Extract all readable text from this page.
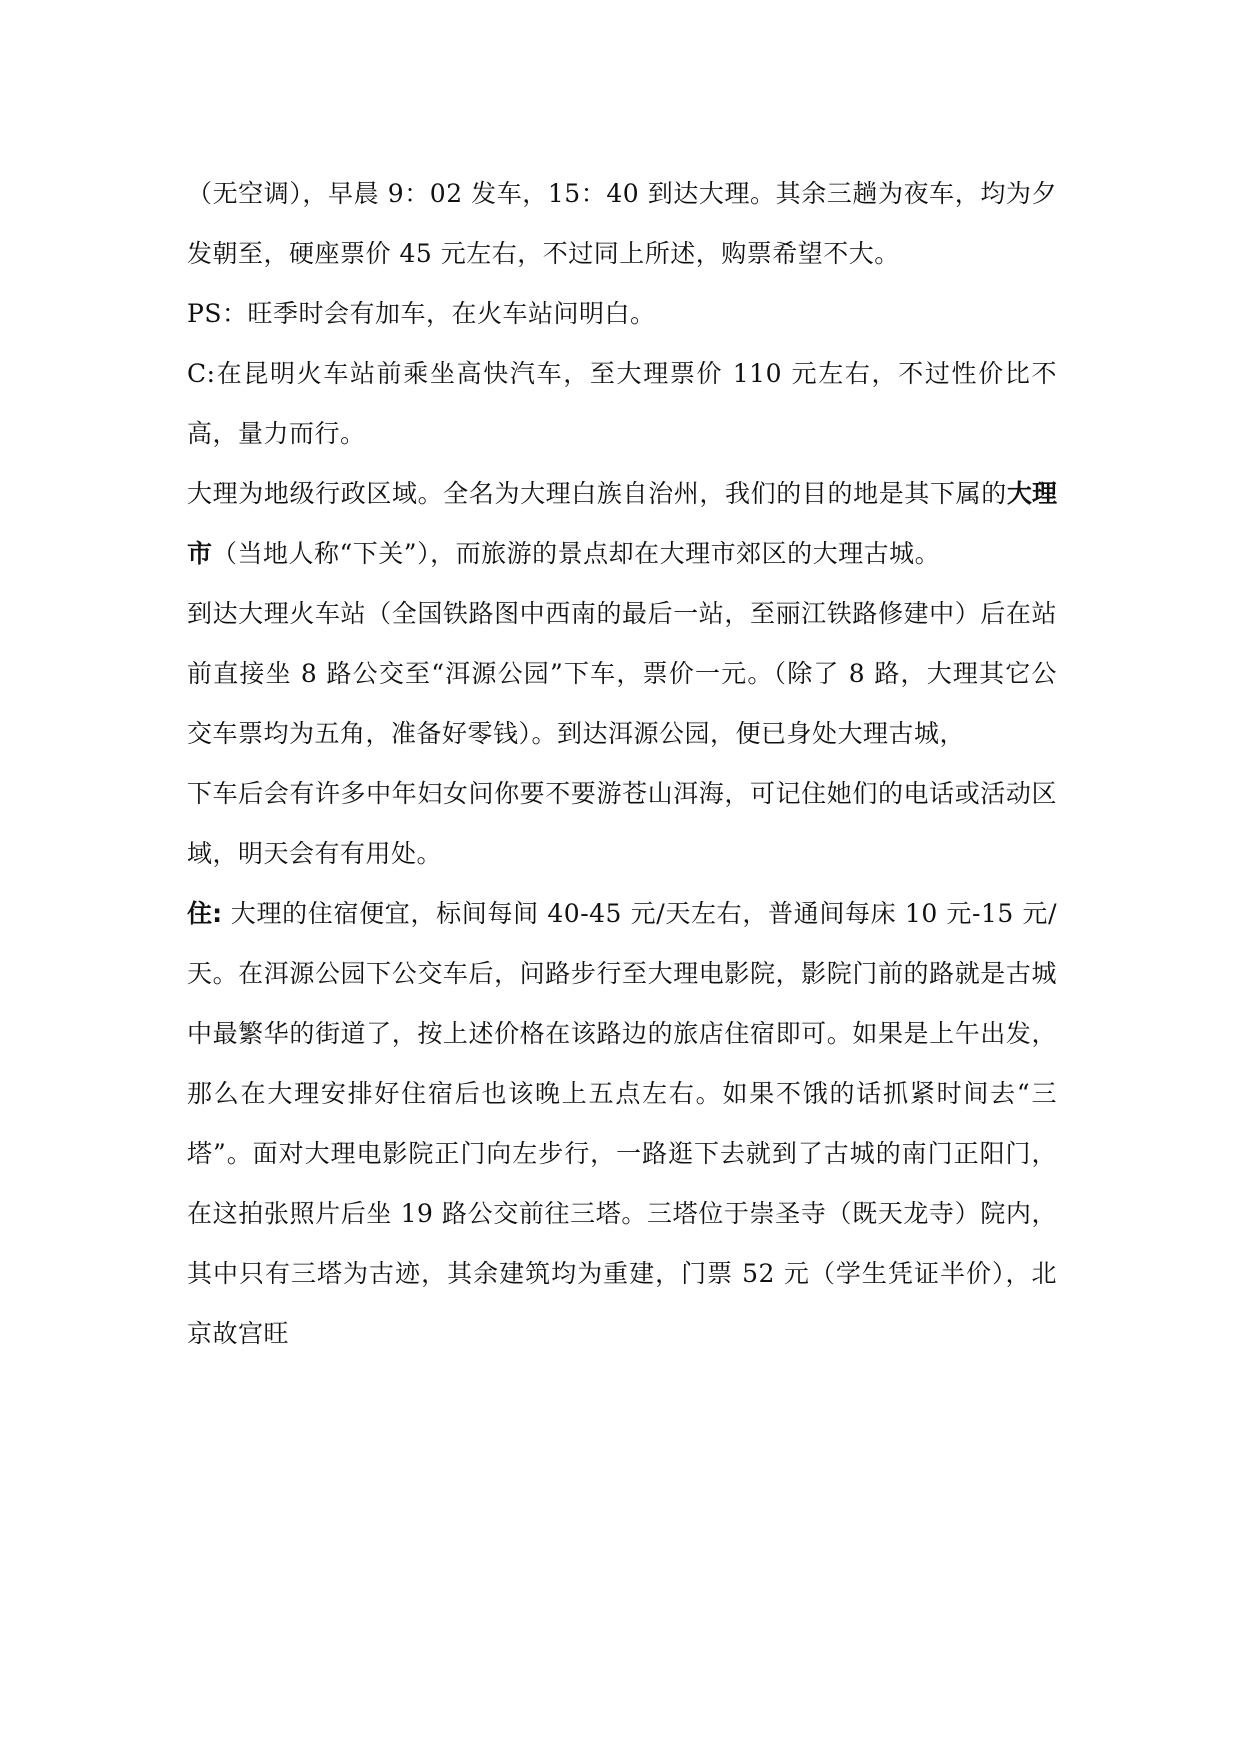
（无空调），早晨 9：02 发车，15：40 到达大理。其余三趟为夜车，均为夕发朝至，硬座票价 45 元左右，不过同上所述，购票希望不大。

PS：旺季时会有加车，在火车站问明白。

C:在昆明火车站前乘坐高快汽车，至大理票价 110 元左右，不过性价比不高，量力而行。

大理为地级行政区域。全名为大理白族自治州，我们的目的地是其下属的大理市（当地人称“下关”），而旅游的景点却在大理市郊区的大理古城。

到达大理火车站（全国铁路图中西南的最后一站，至丽江铁路修建中）后在站前直接坐 8 路公交至“洱源公园”下车，票价一元。（除了 8 路，大理其它公交车票均为五角，准备好零钱）。到达洱源公园，便已身处大理古城，

下车后会有许多中年妇女问你要不要游苍山洱海，可记住她们的电话或活动区域，明天会有有用处。

住: 大理的住宿便宜，标间每间 40-45 元/天左右，普通间每床 10 元-15 元/天。在洱源公园下公交车后，问路步行至大理电影院，影院门前的路就是古城中最繁华的街道了，按上述价格在该路边的旅店住宿即可。如果是上午出发，那么在大理安排好住宿后也该晚上五点左右。如果不饿的话抓紧时间去“三塔”。面对大理电影院正门向左步行，一路逛下去就到了古城的南门正阳门，在这拍张照片后坐 19 路公交前往三塔。三塔位于崇圣寺（既天龙寺）院内，其中只有三塔为古迹，其余建筑均为重建，门票 52 元（学生凭证半价），北京故宫旺
